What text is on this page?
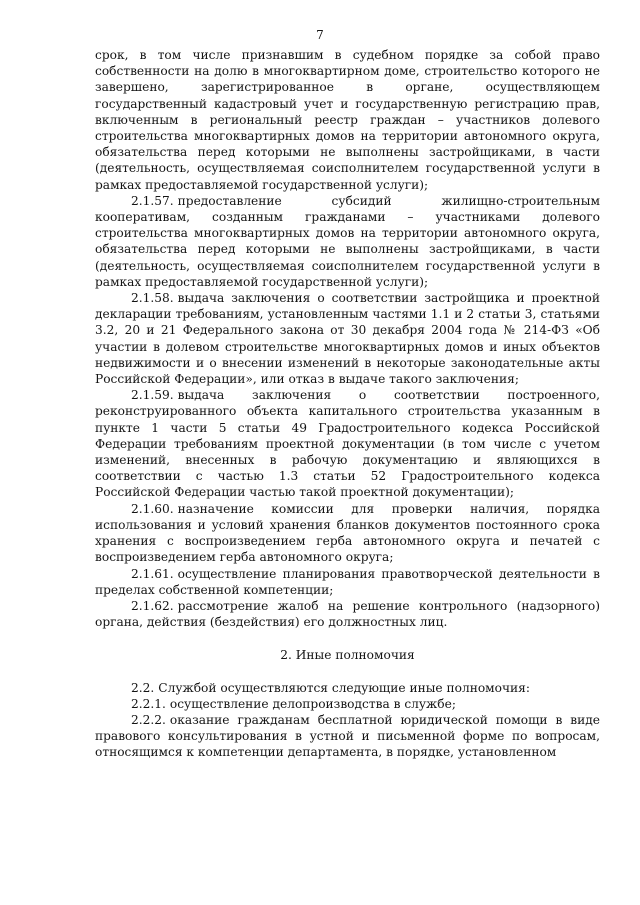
7

срок, в том числе признавшим в судебном порядке за собой право собственности на долю в многоквартирном доме, строительство которого не завершено, зарегистрированное в органе, осуществляющем государственный кадастровый учет и государственную регистрацию прав, включенным в региональный реестр граждан – участников долевого строительства многоквартирных домов на территории автономного округа, обязательства перед которыми не выполнены застройщиками, в части (деятельность, осуществляемая соисполнителем государственной услуги в рамках предоставляемой государственной услуги);

2.1.57. предоставление субсидий жилищно-строительным кооперативам, созданным гражданами – участниками долевого строительства многоквартирных домов на территории автономного округа, обязательства перед которыми не выполнены застройщиками, в части (деятельность, осуществляемая соисполнителем государственной услуги в рамках предоставляемой государственной услуги);

2.1.58. выдача заключения о соответствии застройщика и проектной декларации требованиям, установленным частями 1.1 и 2 статьи 3, статьями 3.2, 20 и 21 Федерального закона от 30 декабря 2004 года № 214-ФЗ «Об участии в долевом строительстве многоквартирных домов и иных объектов недвижимости и о внесении изменений в некоторые законодательные акты Российской Федерации», или отказ в выдаче такого заключения;

2.1.59. выдача заключения о соответствии построенного, реконструированного объекта капитального строительства указанным в пункте 1 части 5 статьи 49 Градостроительного кодекса Российской Федерации требованиям проектной документации (в том числе с учетом изменений, внесенных в рабочую документацию и являющихся в соответствии с частью 1.3 статьи 52 Градостроительного кодекса Российской Федерации частью такой проектной документации);

2.1.60. назначение комиссии для проверки наличия, порядка использования и условий хранения бланков документов постоянного срока хранения с воспроизведением герба автономного округа и печатей с воспроизведением герба автономного округа;

2.1.61. осуществление планирования правотворческой деятельности в пределах собственной компетенции;

2.1.62. рассмотрение жалоб на решение контрольного (надзорного) органа, действия (бездействия) его должностных лиц.

2. Иные полномочия

2.2. Службой осуществляются следующие иные полномочия:

2.2.1. осуществление делопроизводства в службе;

2.2.2. оказание гражданам бесплатной юридической помощи в виде правового консультирования в устной и письменной форме по вопросам, относящимся к компетенции департамента, в порядке, установленном
